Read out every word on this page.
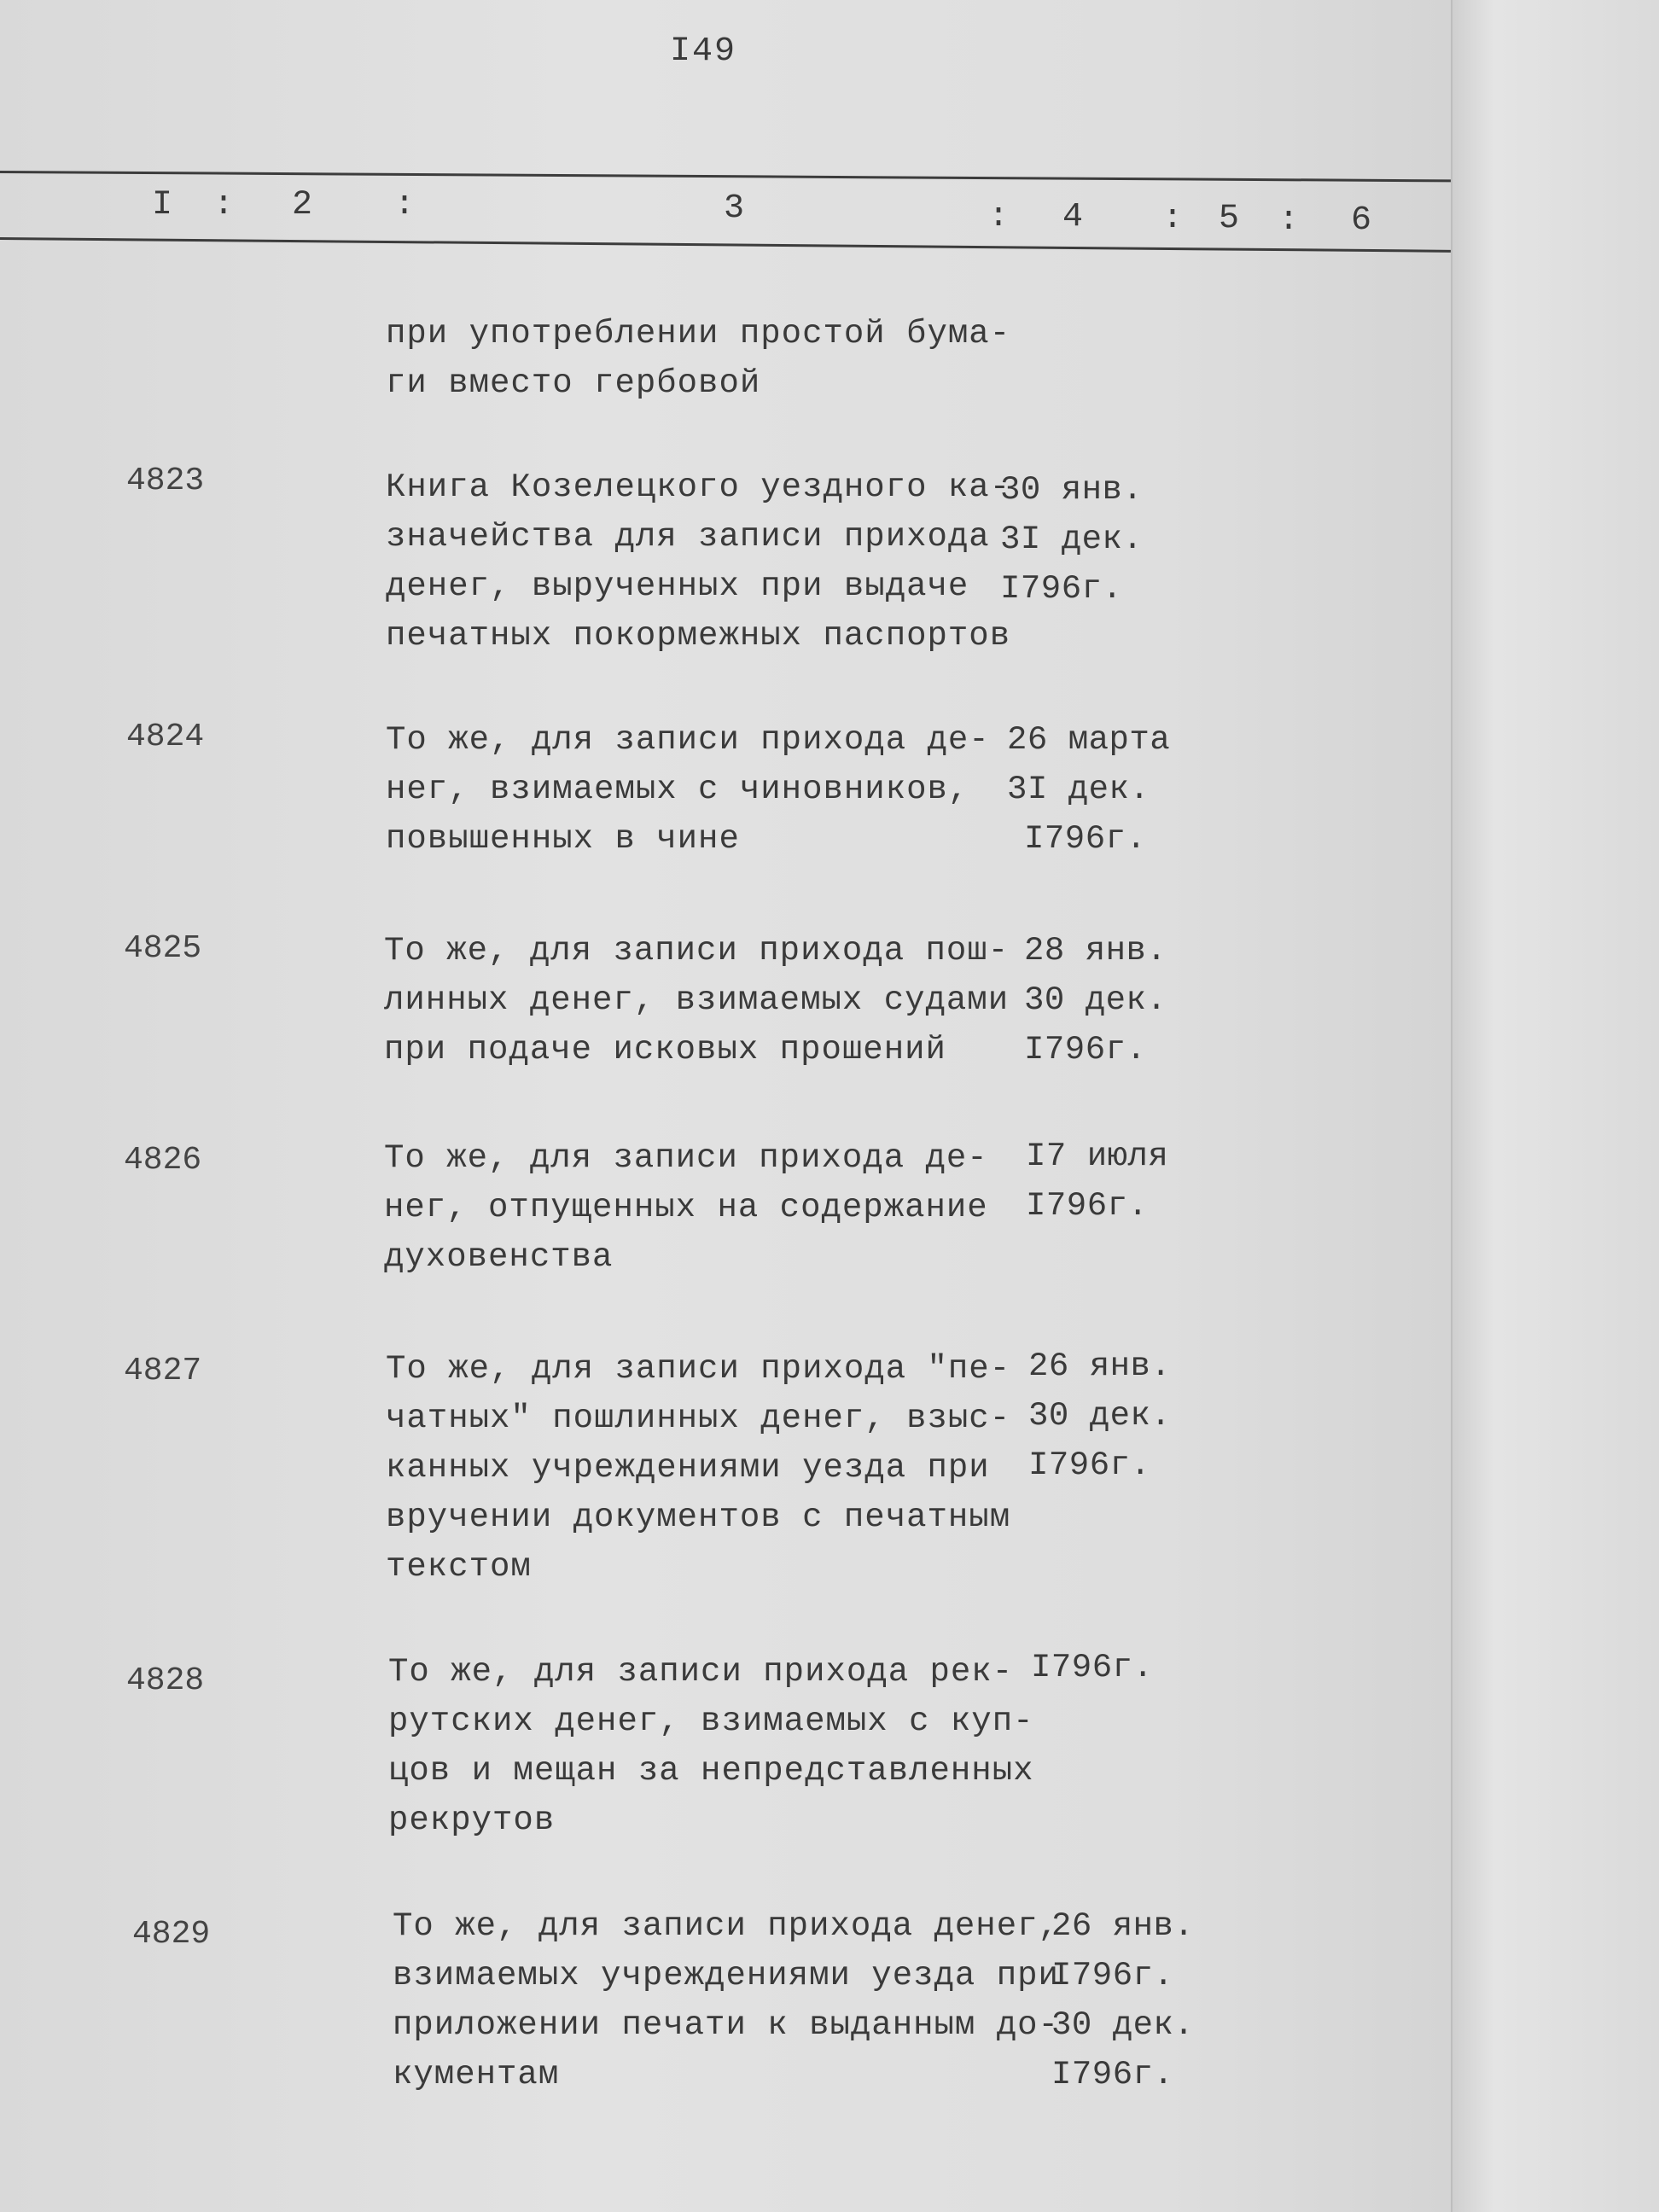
I49
I : 2 :	3	: 4 : 5 : 6
при употреблении простой бума-
ги вместо гербовой
4823	Книга Козелецкого уездного ка-
значейства для записи прихода
денег, вырученных при выдаче
печатных покормежных паспортов
30 янв.
3I дек.
I796г.
4824	То же, для записи прихода де-
нег, взимаемых с чиновников,
повышенных в чине
26 марта
3I дек.
I796г.
4825	То же, для записи прихода пош-
линных денег, взимаемых судами
при подаче исковых прошений
28 янв.
30 дек.
I796г.
4826	То же, для записи прихода де-
нег, отпущенных на содержание
духовенства
I7 июля
I796г.
4827	То же, для записи прихода "пе-
чатных" пошлинных денег, взыс-
канных учреждениями уезда при
вручении документов с печатным
текстом
26 янв.
30 дек.
I796г.
4828	То же, для записи прихода рек-
рутских денег, взимаемых с куп-
цов и мещан за непредставленных
рекрутов
I796г.
4829	То же, для записи прихода денег,
взимаемых учреждениями уезда при
приложении печати к выданным до-
кументам
26 янв.
I796г.
30 дек.
I796г.
